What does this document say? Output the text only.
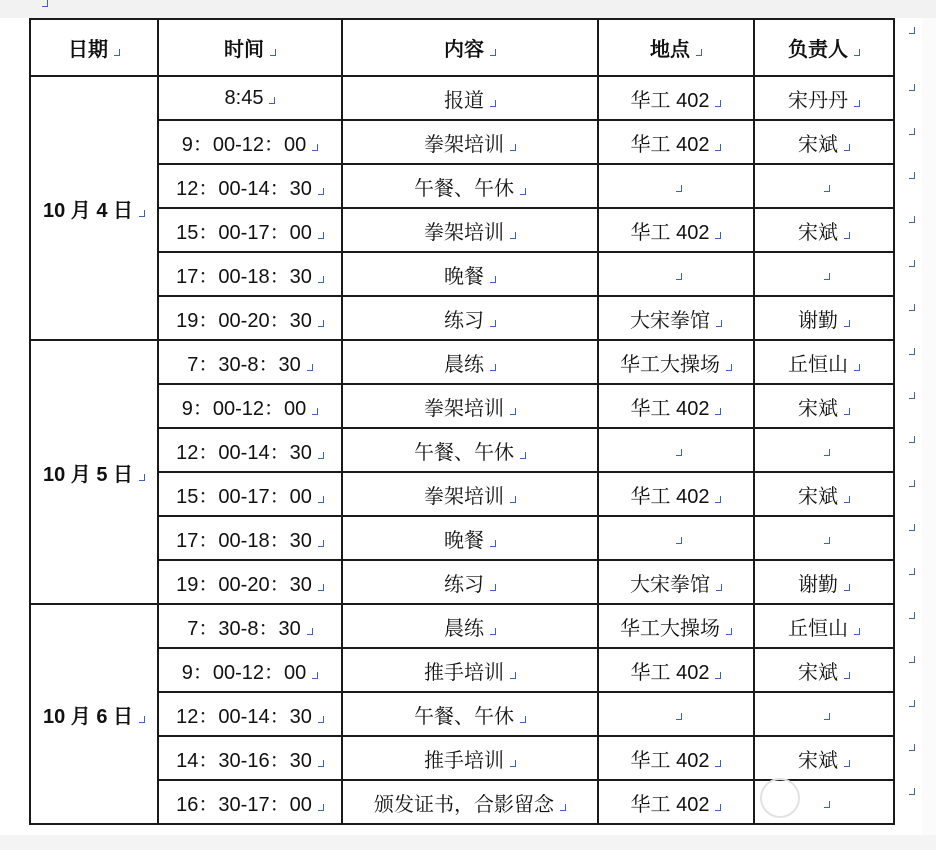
日期	时间	内容	地点	负责人
10 月 4 日	8:45	报道	华工 402	宋丹丹
	9：00-12：00	拳架培训	华工 402	宋斌
	12：00-14：30	午餐、午休		
	15：00-17：00	拳架培训	华工 402	宋斌
	17：00-18：30	晚餐		
	19：00-20：30	练习	大宋拳馆	谢勤
10 月 5 日	7：30-8：30	晨练	华工大操场	丘恒山
	9：00-12：00	拳架培训	华工 402	宋斌
	12：00-14：30	午餐、午休		
	15：00-17：00	拳架培训	华工 402	宋斌
	17：00-18：30	晚餐		
	19：00-20：30	练习	大宋拳馆	谢勤
10 月 6 日	7：30-8：30	晨练	华工大操场	丘恒山
	9：00-12：00	推手培训	华工 402	宋斌
	12：00-14：30	午餐、午休		
	14：30-16：30	推手培训	华工 402	宋斌
	16：30-17：00	颁发证书，合影留念	华工 402	
